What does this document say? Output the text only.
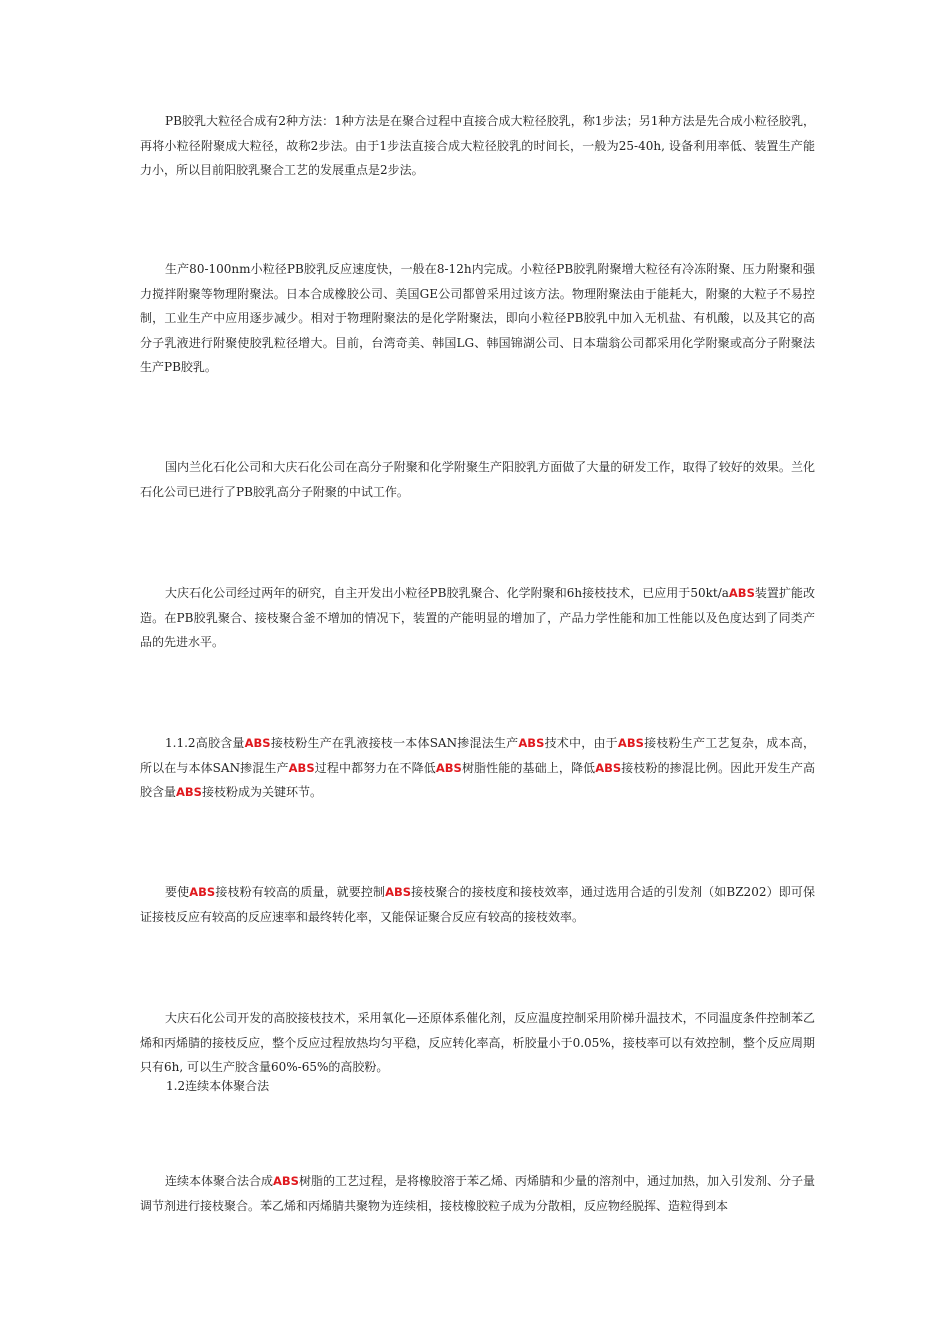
PB胶乳大粒径合成有2种方法：1种方法是在聚合过程中直接合成大粒径胶乳，称1步法；另1种方法是先合成小粒径胶乳，再将小粒径附聚成大粒径，故称2步法。由于1步法直接合成大粒径胶乳的时间长，一般为25-40h, 设备利用率低、装置生产能力小，所以目前阳胶乳聚合工艺的发展重点是2步法。

生产80-100nm小粒径PB胶乳反应速度快，一般在8-12h内完成。小粒径PB胶乳附聚增大粒径有冷冻附聚、压力附聚和强力搅拌附聚等物理附聚法。日本合成橡胶公司、美国GE公司都曾采用过该方法。物理附聚法由于能耗大，附聚的大粒子不易控制，工业生产中应用逐步减少。相对于物理附聚法的是化学附聚法，即向小粒径PB胶乳中加入无机盐、有机酸，以及其它的高分子乳液进行附聚使胶乳粒径增大。目前，台湾奇美、韩国LG、韩国锦湖公司、日本瑞翁公司都采用化学附聚或高分子附聚法生产PB胶乳。

国内兰化石化公司和大庆石化公司在高分子附聚和化学附聚生产阳胶乳方面做了大量的研发工作，取得了较好的效果。兰化石化公司已进行了PB胶乳高分子附聚的中试工作。

大庆石化公司经过两年的研究，自主开发出小粒径PB胶乳聚合、化学附聚和6h接枝技术，已应用于50kt/aABS装置扩能改造。在PB胶乳聚合、接枝聚合釜不增加的情况下，装置的产能明显的增加了，产品力学性能和加工性能以及色度达到了同类产品的先进水平。

1.1.2高胶含量ABS接枝粉生产在乳液接枝一本体SAN掺混法生产ABS技术中，由于ABS接枝粉生产工艺复杂，成本高，所以在与本体SAN掺混生产ABS过程中都努力在不降低ABS树脂性能的基础上，降低ABS接枝粉的掺混比例。因此开发生产高胶含量ABS接枝粉成为关键环节。

要使ABS接枝粉有较高的质量，就要控制ABS接枝聚合的接枝度和接枝效率，通过选用合适的引发剂（如BZ202）即可保证接枝反应有较高的反应速率和最终转化率，又能保证聚合反应有较高的接枝效率。

大庆石化公司开发的高胶接枝技术，采用氧化—还原体系催化剂，反应温度控制采用阶梯升温技术，不同温度条件控制苯乙烯和丙烯腈的接枝反应，整个反应过程放热均匀平稳，反应转化率高，析胶量小于0.05%，接枝率可以有效控制，整个反应周期只有6h, 可以生产胶含量60%-65%的高胶粉。

1.2连续本体聚合法

连续本体聚合法合成ABS树脂的工艺过程，是将橡胶溶于苯乙烯、丙烯腈和少量的溶剂中，通过加热，加入引发剂、分子量调节剂进行接枝聚合。苯乙烯和丙烯腈共聚物为连续相，接枝橡胶粒子成为分散相，反应物经脱挥、造粒得到本
